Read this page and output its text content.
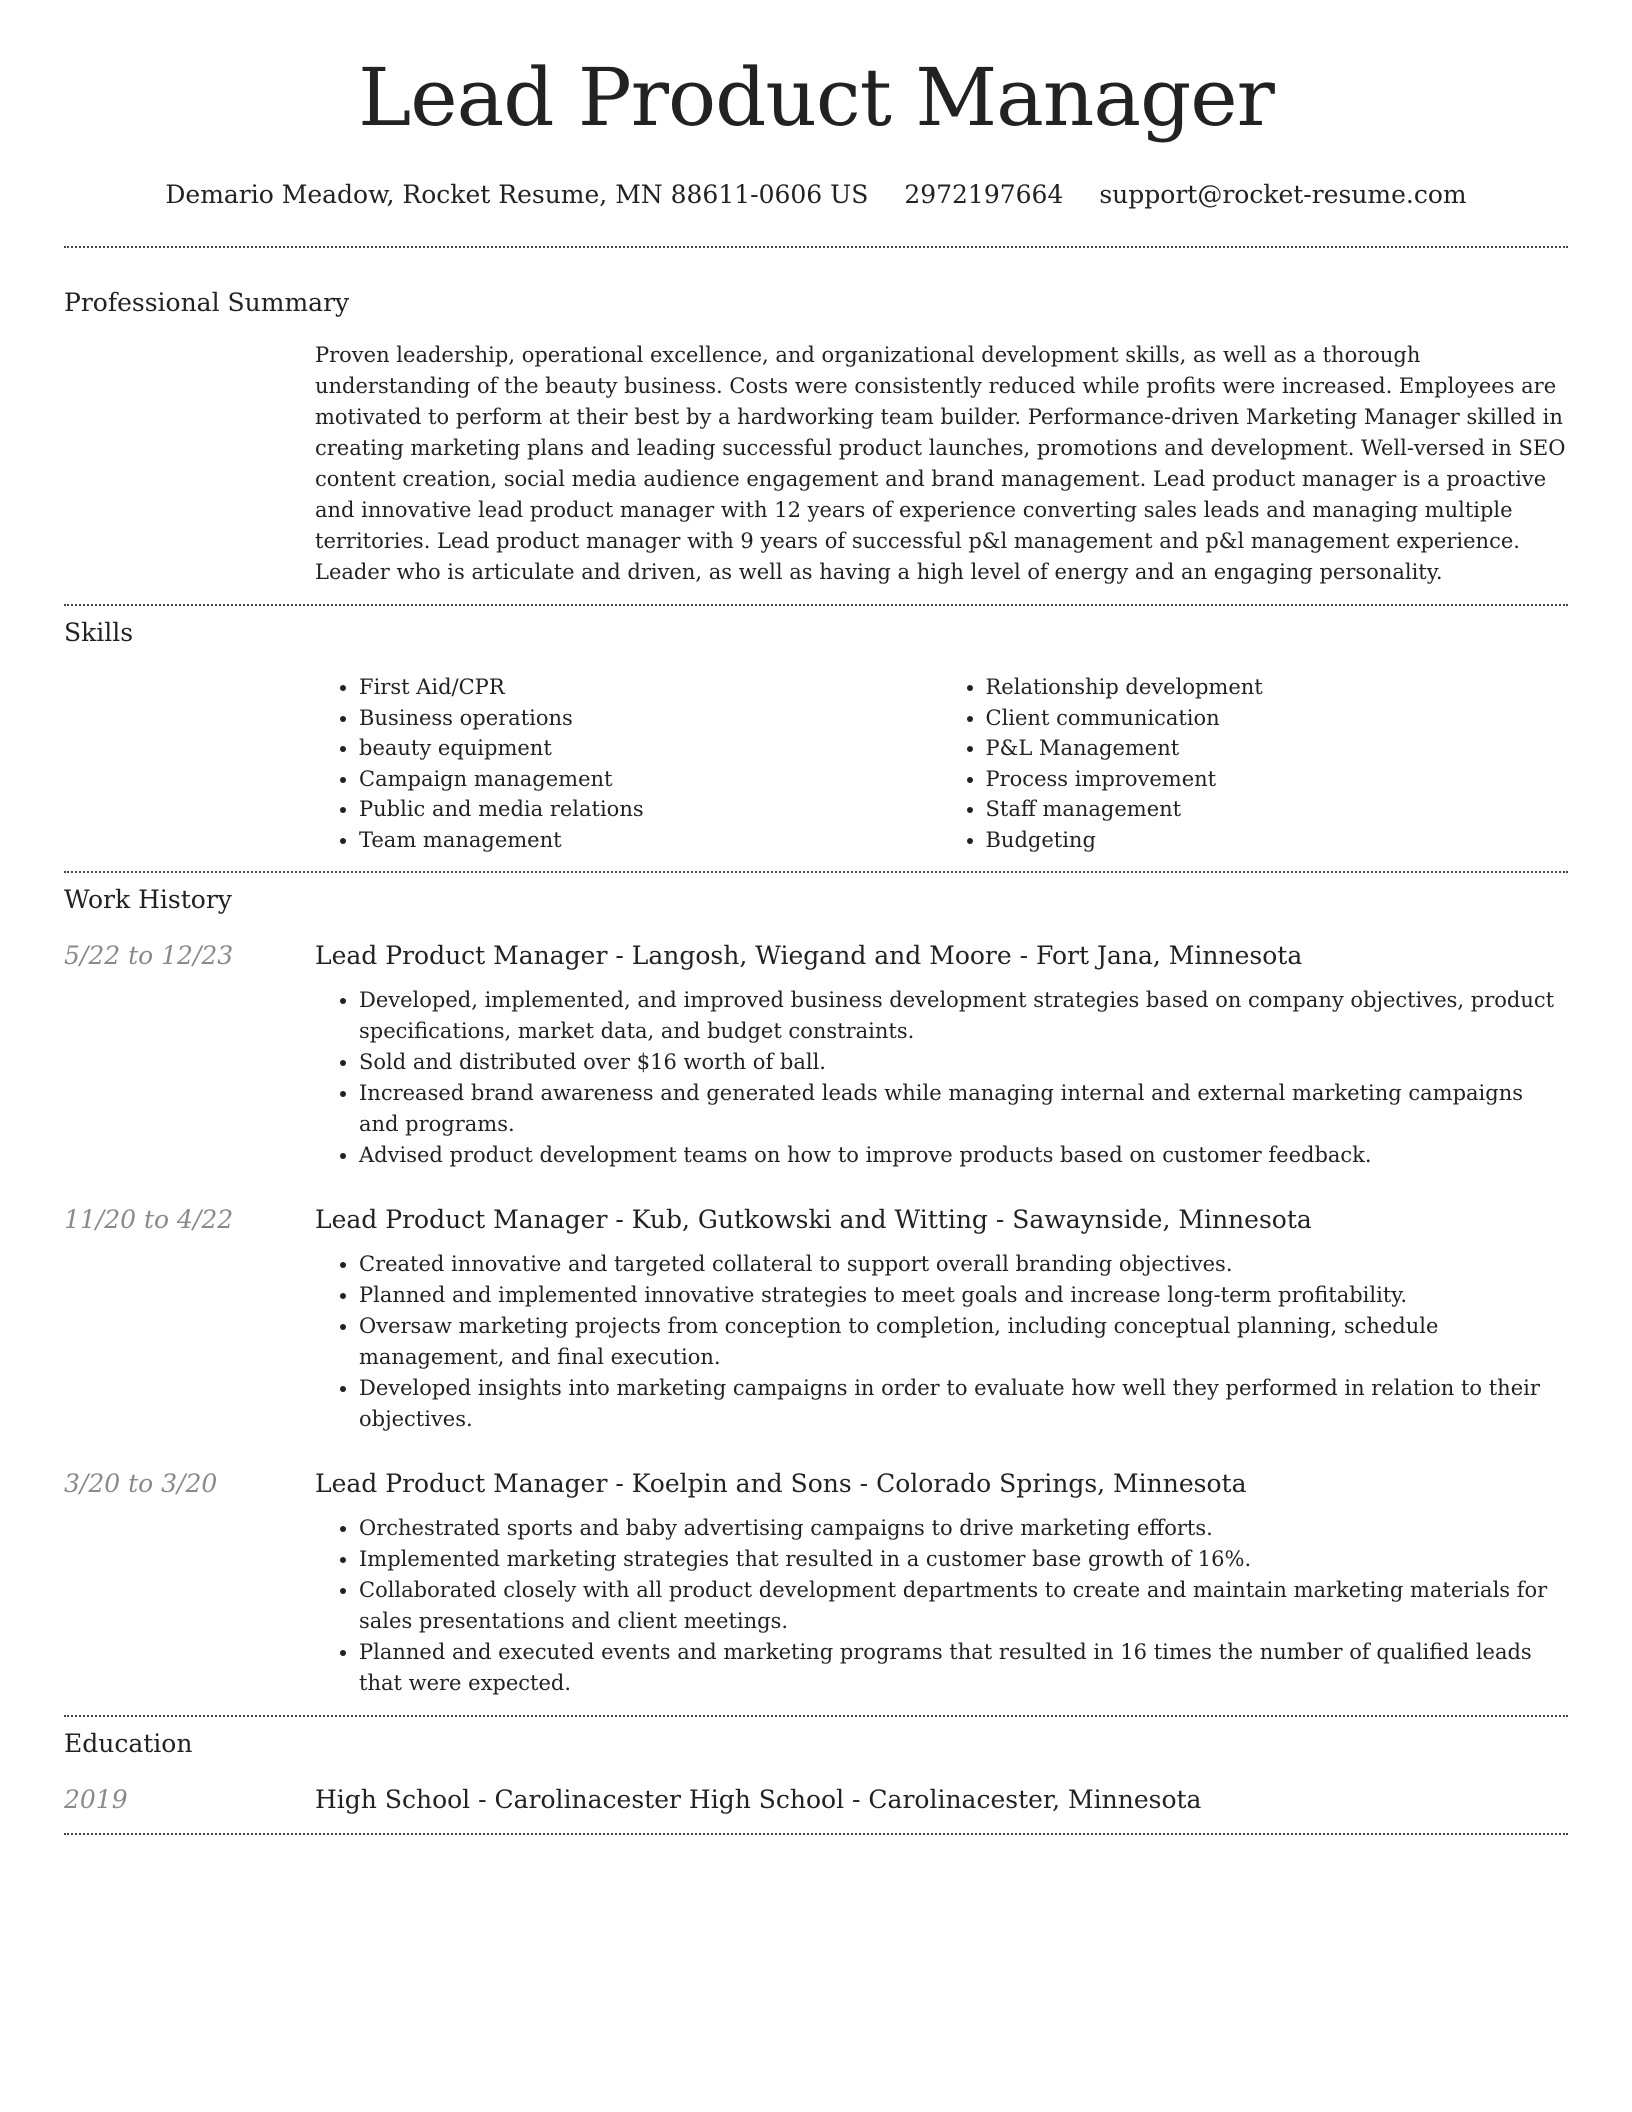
Lead Product Manager
Demario Meadow, Rocket Resume, MN 88611-0606 US 2972197664 support@rocket-resume.com
Professional Summary

Proven leadership, operational excellence, and organizational development skills, as well as a thorough understanding of the beauty business. Costs were consistently reduced while profits were increased. Employees are motivated to perform at their best by a hardworking team builder. Performance-driven Marketing Manager skilled in creating marketing plans and leading successful product launches, promotions and development. Well-versed in SEO content creation, social media audience engagement and brand management. Lead product manager is a proactive and innovative lead product manager with 12 years of experience converting sales leads and managing multiple territories. Lead product manager with 9 years of successful p&l management and p&l management experience. Leader who is articulate and driven, as well as having a high level of energy and an engaging personality.

Skills
• First Aid/CPR
• Business operations
• beauty equipment
• Campaign management
• Public and media relations
• Team management
• Relationship development
• Client communication
• P&L Management
• Process improvement
• Staff management
• Budgeting
Work History
5/22 to 12/23	Lead Product Manager - Langosh, Wiegand and Moore - Fort Jana, Minnesota
• Developed, implemented, and improved business development strategies based on company objectives, product specifications, market data, and budget constraints.
• Sold and distributed over $16 worth of ball.
• Increased brand awareness and generated leads while managing internal and external marketing campaigns and programs.
• Advised product development teams on how to improve products based on customer feedback.
11/20 to 4/22	Lead Product Manager - Kub, Gutkowski and Witting - Sawaynside, Minnesota
• Created innovative and targeted collateral to support overall branding objectives.
• Planned and implemented innovative strategies to meet goals and increase long-term profitability.
• Oversaw marketing projects from conception to completion, including conceptual planning, schedule management, and final execution.
• Developed insights into marketing campaigns in order to evaluate how well they performed in relation to their objectives.
3/20 to 3/20	Lead Product Manager - Koelpin and Sons - Colorado Springs, Minnesota
• Orchestrated sports and baby advertising campaigns to drive marketing efforts.
• Implemented marketing strategies that resulted in a customer base growth of 16%.
• Collaborated closely with all product development departments to create and maintain marketing materials for sales presentations and client meetings.
• Planned and executed events and marketing programs that resulted in 16 times the number of qualified leads that were expected.
Education
2019	High School - Carolinacester High School - Carolinacester, Minnesota
